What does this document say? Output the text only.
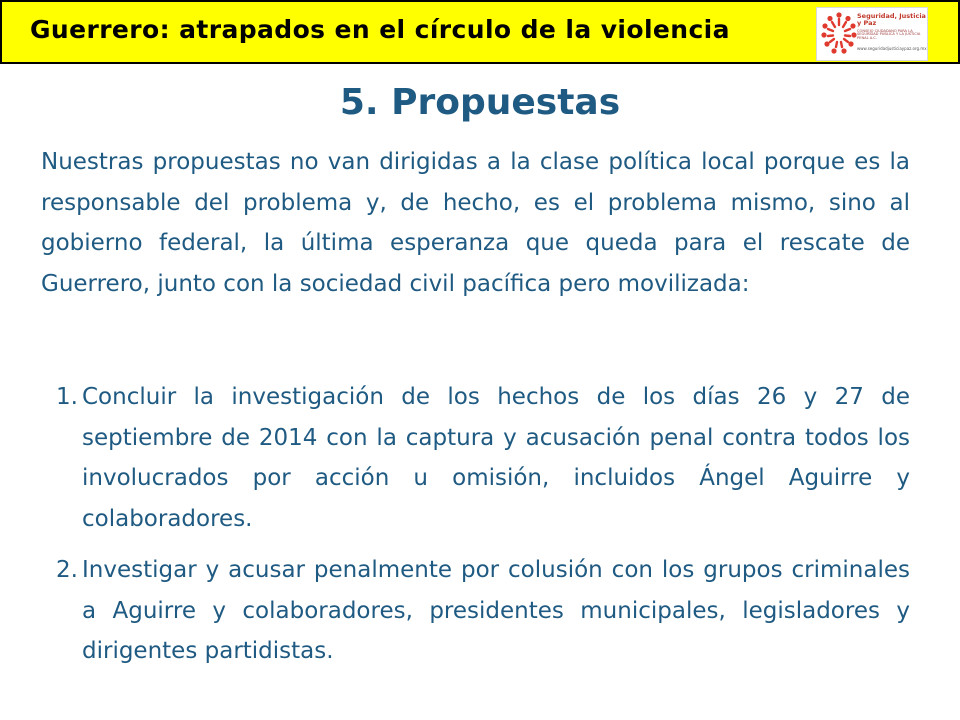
Guerrero: atrapados en el círculo de la violencia	Seguridad, Justicia y Paz
CONSEJO CIUDADANO PARA LA SEGURIDAD PÚBLICA Y LA JUSTICIA PENAL A.C.
www.seguridadjusticiaypaz.org.mx
5. Propuestas

Nuestras propuestas no van dirigidas a la clase política local porque es la responsable del problema y, de hecho, es el problema mismo, sino al gobierno federal, la última esperanza que queda para el rescate de Guerrero, junto con la sociedad civil pacífica pero movilizada:

1. Concluir la investigación de los hechos de los días 26 y 27 de septiembre de 2014 con la captura y acusación penal contra todos los involucrados por acción u omisión, incluidos Ángel Aguirre y colaboradores.
2. Investigar y acusar penalmente por colusión con los grupos criminales a Aguirre y colaboradores, presidentes municipales, legisladores y dirigentes partidistas.
